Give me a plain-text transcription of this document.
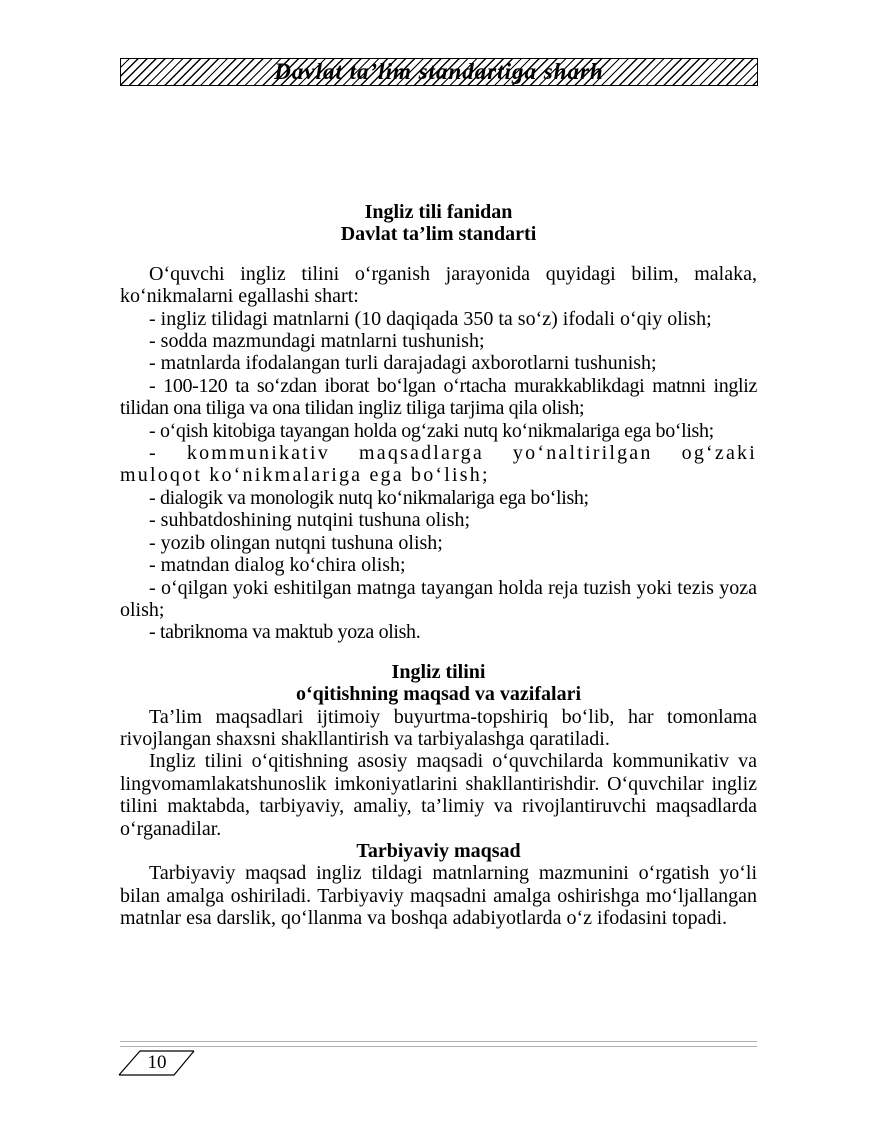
Davlat ta’lim standartiga sharh

Ingliz tili fanidan

Davlat ta’lim standarti

O‘quvchi ingliz tilini o‘rganish jarayonida quyidagi bilim, malaka, ko‘nikmalarni egallashi shart:

- ingliz tilidagi matnlarni (10 daqiqada 350 ta so‘z) ifodali o‘qiy olish;

- sodda mazmundagi matnlarni tushunish;

- matnlarda ifodalangan turli darajadagi axborotlarni tushunish;

- 100-120 ta so‘zdan iborat bo‘lgan o‘rtacha murakkablikdagi matnni ingliz tilidan ona tiliga va ona tilidan ingliz tiliga tarjima qila olish;

- o‘qish kitobiga tayangan holda og‘zaki nutq ko‘nikmalariga ega bo‘lish;

- kommunikativ maqsadlarga yo‘naltirilgan og‘zaki muloqot ko‘nikmalariga ega bo‘lish;

- dialogik va monologik nutq ko‘nikmalariga ega bo‘lish;

- suhbatdoshining nutqini tushuna olish;

- yozib olingan nutqni tushuna olish;

- matndan dialog ko‘chira olish;

- o‘qilgan yoki eshitilgan matnga tayangan holda reja tuzish yoki tezis yoza olish;

- tabriknoma va maktub yoza olish.

Ingliz tilini

o‘qitishning maqsad va vazifalari

Ta’lim maqsadlari ijtimoiy buyurtma-topshiriq bo‘lib, har tomonlama rivojlangan shaxsni shakllantirish va tarbiyalashga qaratiladi.

Ingliz tilini o‘qitishning asosiy maqsadi o‘quvchilarda kommunikativ va lingvomamlakatshunoslik imkoniyatlarini shakllantirishdir. O‘quvchilar ingliz tilini maktabda, tarbiyaviy, amaliy, ta’limiy va rivojlantiruvchi maqsadlarda o‘rganadilar.

Tarbiyaviy maqsad

Tarbiyaviy maqsad ingliz tildagi matnlarning mazmunini o‘rgatish yo‘li bilan amalga oshiriladi. Tarbiyaviy maqsadni amalga oshirishga mo‘ljallangan matnlar esa darslik, qo‘llanma va boshqa adabiyotlarda o‘z ifodasini topadi.

10
